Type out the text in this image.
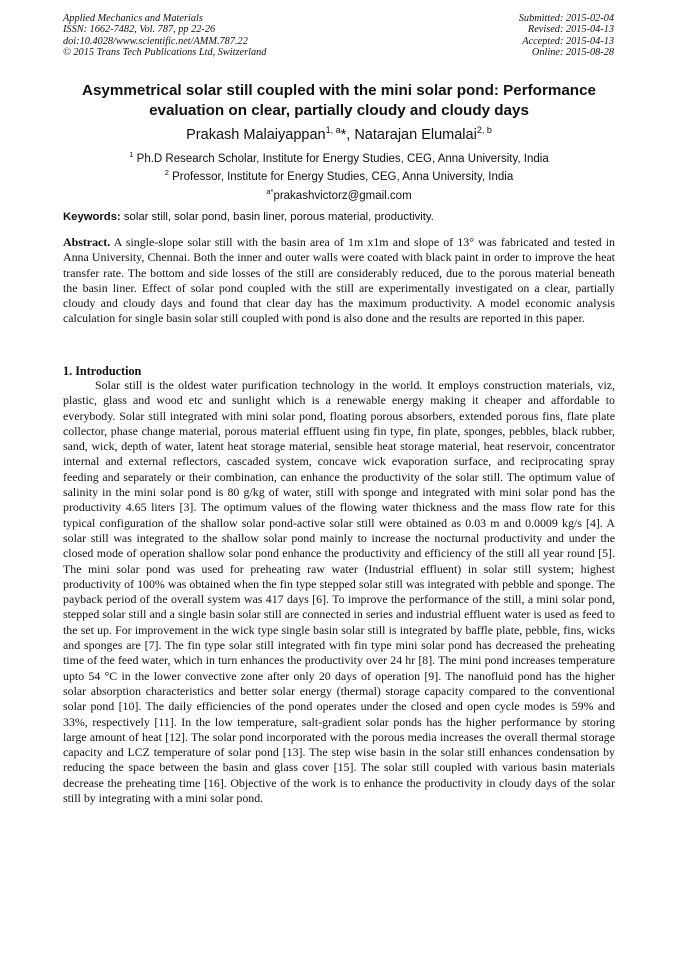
Applied Mechanics and Materials
ISSN: 1662-7482, Vol. 787, pp 22-26
doi:10.4028/www.scientific.net/AMM.787.22
© 2015 Trans Tech Publications Ltd, Switzerland
Submitted: 2015-02-04
Revised: 2015-04-13
Accepted: 2015-04-13
Online: 2015-08-28
Asymmetrical solar still coupled with the mini solar pond: Performance
evaluation on clear, partially cloudy and cloudy days
Prakash Malaiyappan$^{1, a}$*, Natarajan Elumalai$^{2, b}$
$^1$ Ph.D Research Scholar, Institute for Energy Studies, CEG, Anna University, India
$^2$ Professor, Institute for Energy Studies, CEG, Anna University, India
$^{a*}$prakashvictorz@gmail.com
Keywords: solar still, solar pond, basin liner, porous material, productivity.
Abstract. A single-slope solar still with the basin area of 1m x1m and slope of 13° was fabricated and tested in Anna University, Chennai. Both the inner and outer walls were coated with black paint in order to improve the heat transfer rate. The bottom and side losses of the still are considerably reduced, due to the porous material beneath the basin liner. Effect of solar pond coupled with the still are experimentally investigated on a clear, partially cloudy and cloudy days and found that clear day has the maximum productivity. A model economic analysis calculation for single basin solar still coupled with pond is also done and the results are reported in this paper.
1. Introduction
Solar still is the oldest water purification technology in the world. It employs construction materials, viz, plastic, glass and wood etc and sunlight which is a renewable energy making it cheaper and affordable to everybody. Solar still integrated with mini solar pond, floating porous absorbers, extended porous fins, flate plate collector, phase change material, porous material effluent using fin type, fin plate, sponges, pebbles, black rubber, sand, wick, depth of water, latent heat storage material, sensible heat storage material, heat reservoir, concentrator internal and external reflectors, cascaded system, concave wick evaporation surface, and reciprocating spray feeding and separately or their combination, can enhance the productivity of the solar still. The optimum value of salinity in the mini solar pond is 80 g/kg of water, still with sponge and integrated with mini solar pond has the productivity 4.65 liters [3]. The optimum values of the flowing water thickness and the mass flow rate for this typical configuration of the shallow solar pond-active solar still were obtained as 0.03 m and 0.0009 kg/s [4]. A solar still was integrated to the shallow solar pond mainly to increase the nocturnal productivity and under the closed mode of operation shallow solar pond enhance the productivity and efficiency of the still all year round [5]. The mini solar pond was used for preheating raw water (Industrial effluent) in solar still system; highest productivity of 100% was obtained when the fin type stepped solar still was integrated with pebble and sponge. The payback period of the overall system was 417 days [6]. To improve the performance of the still, a mini solar pond, stepped solar still and a single basin solar still are connected in series and industrial effluent water is used as feed to the set up. For improvement in the wick type single basin solar still is integrated by baffle plate, pebble, fins, wicks and sponges are [7]. The fin type solar still integrated with fin type mini solar pond has decreased the preheating time of the feed water, which in turn enhances the productivity over 24 hr [8]. The mini pond increases temperature upto 54 °C in the lower convective zone after only 20 days of operation [9]. The nanofluid pond has the higher solar absorption characteristics and better solar energy (thermal) storage capacity compared to the conventional solar pond [10]. The daily efficiencies of the pond operates under the closed and open cycle modes is 59% and 33%, respectively [11]. In the low temperature, salt-gradient solar ponds has the higher performance by storing large amount of heat [12]. The solar pond incorporated with the porous media increases the overall thermal storage capacity and LCZ temperature of solar pond [13]. The step wise basin in the solar still enhances condensation by reducing the space between the basin and glass cover [15]. The solar still coupled with various basin materials decrease the preheating time [16]. Objective of the work is to enhance the productivity in cloudy days of the solar still by integrating with a mini solar pond.
